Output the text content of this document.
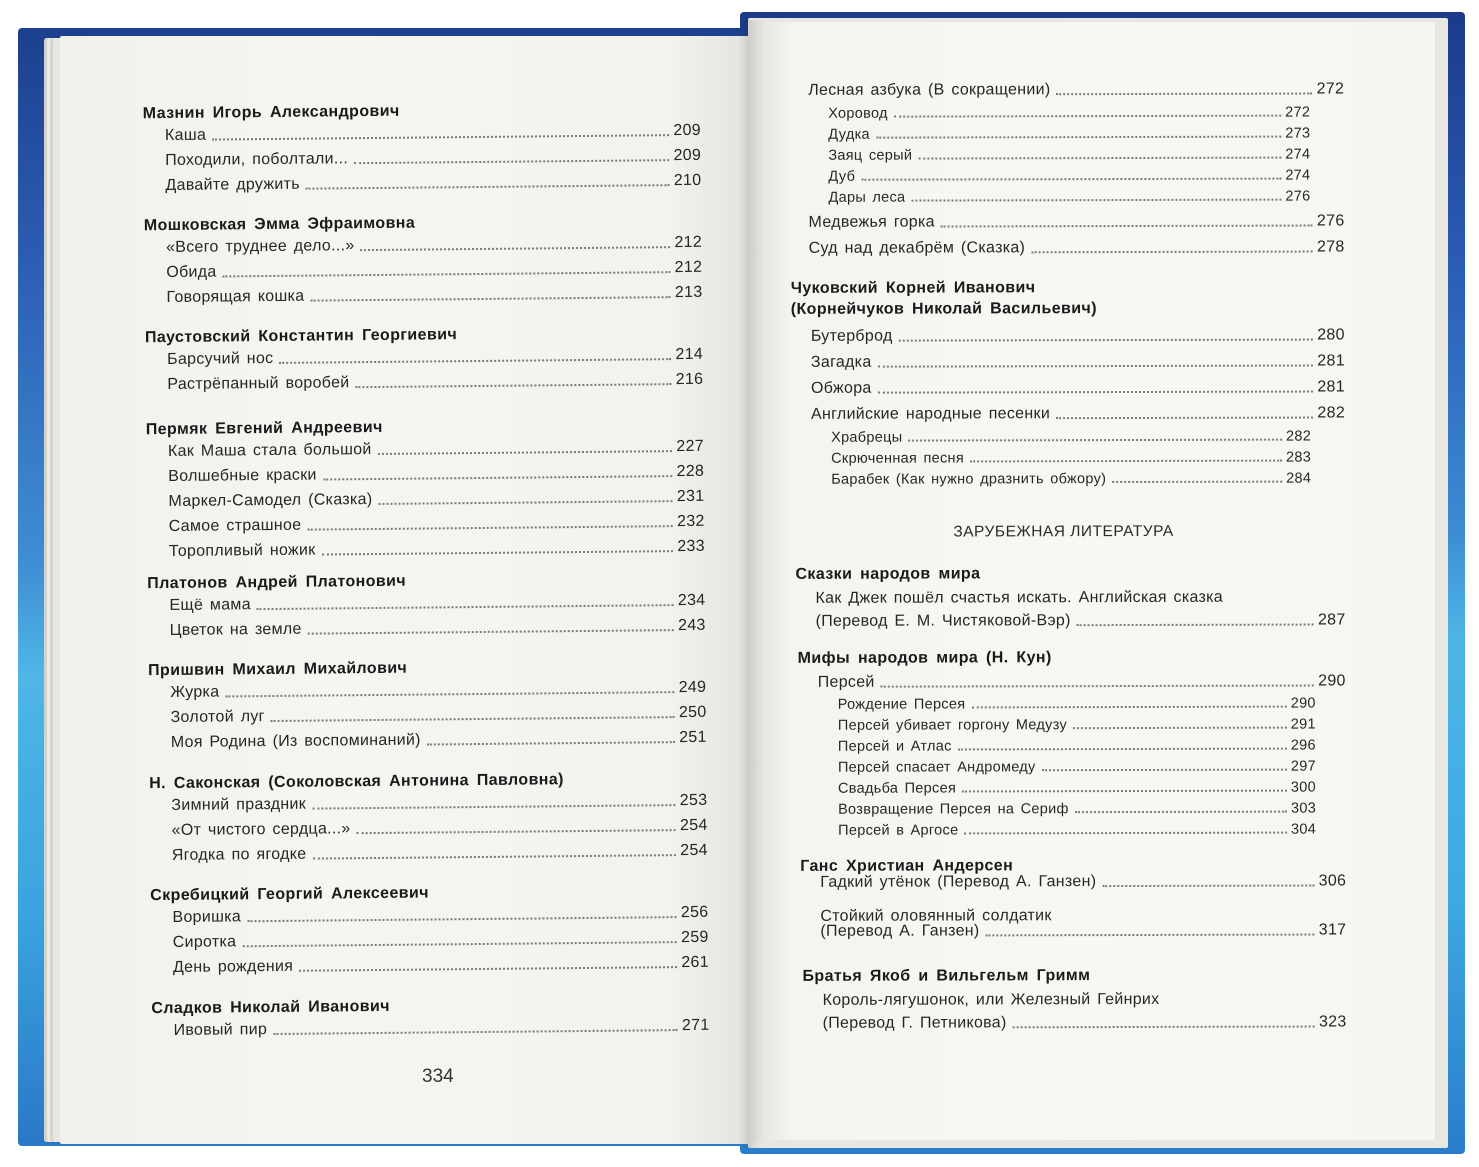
Мазнин Игорь Александрович
Каша	209
Походили, поболтали...	209
Давайте дружить	210
Мошковская Эмма Эфраимовна
«Всего труднее дело...»	212
Обида	212
Говорящая кошка	213
Паустовский Константин Георгиевич
Барсучий нос	214
Растрёпанный воробей	216
Пермяк Евгений Андреевич
Как Маша стала большой	227
Волшебные краски	228
Маркел-Самодел (Сказка)	231
Самое страшное	232
Торопливый ножик	233
Платонов Андрей Платонович
Ещё мама	234
Цветок на земле	243
Пришвин Михаил Михайлович
Журка	249
Золотой луг	250
Моя Родина (Из воспоминаний)	251
Н. Саконская (Соколовская Антонина Павловна)
Зимний праздник	253
«От чистого сердца...»	254
Ягодка по ягодке	254
Скребицкий Георгий Алексеевич
Воришка	256
Сиротка	259
День рождения	261
Сладков Николай Иванович
Ивовый пир	271
334
Лесная азбука (В сокращении)	272
Хоровод	272
Дудка	273
Заяц серый	274
Дуб	274
Дары леса	276
Медвежья горка	276
Суд над декабрём (Сказка)	278
Чуковский Корней Иванович
(Корнейчуков Николай Васильевич)
Бутерброд	280
Загадка	281
Обжора	281
Английские народные песенки	282
Храбрецы	282
Скрюченная песня	283
Барабек (Как нужно дразнить обжору)	284
ЗАРУБЕЖНАЯ ЛИТЕРАТУРА
Сказки народов мира
Как Джек пошёл счастья искать. Английская сказка
(Перевод Е. М. Чистяковой-Вэр)	287
Мифы народов мира (Н. Кун)
Персей	290
Рождение Персея	290
Персей убивает горгону Медузу	291
Персей и Атлас	296
Персей спасает Андромеду	297
Свадьба Персея	300
Возвращение Персея на Сериф	303
Персей в Аргосе	304
Ганс Христиан Андерсен
Гадкий утёнок (Перевод А. Ганзен)	306
Стойкий оловянный солдатик
(Перевод А. Ганзен)	317
Братья Якоб и Вильгельм Гримм
Король-лягушонок, или Железный Гейнрих
(Перевод Г. Петникова)	323
